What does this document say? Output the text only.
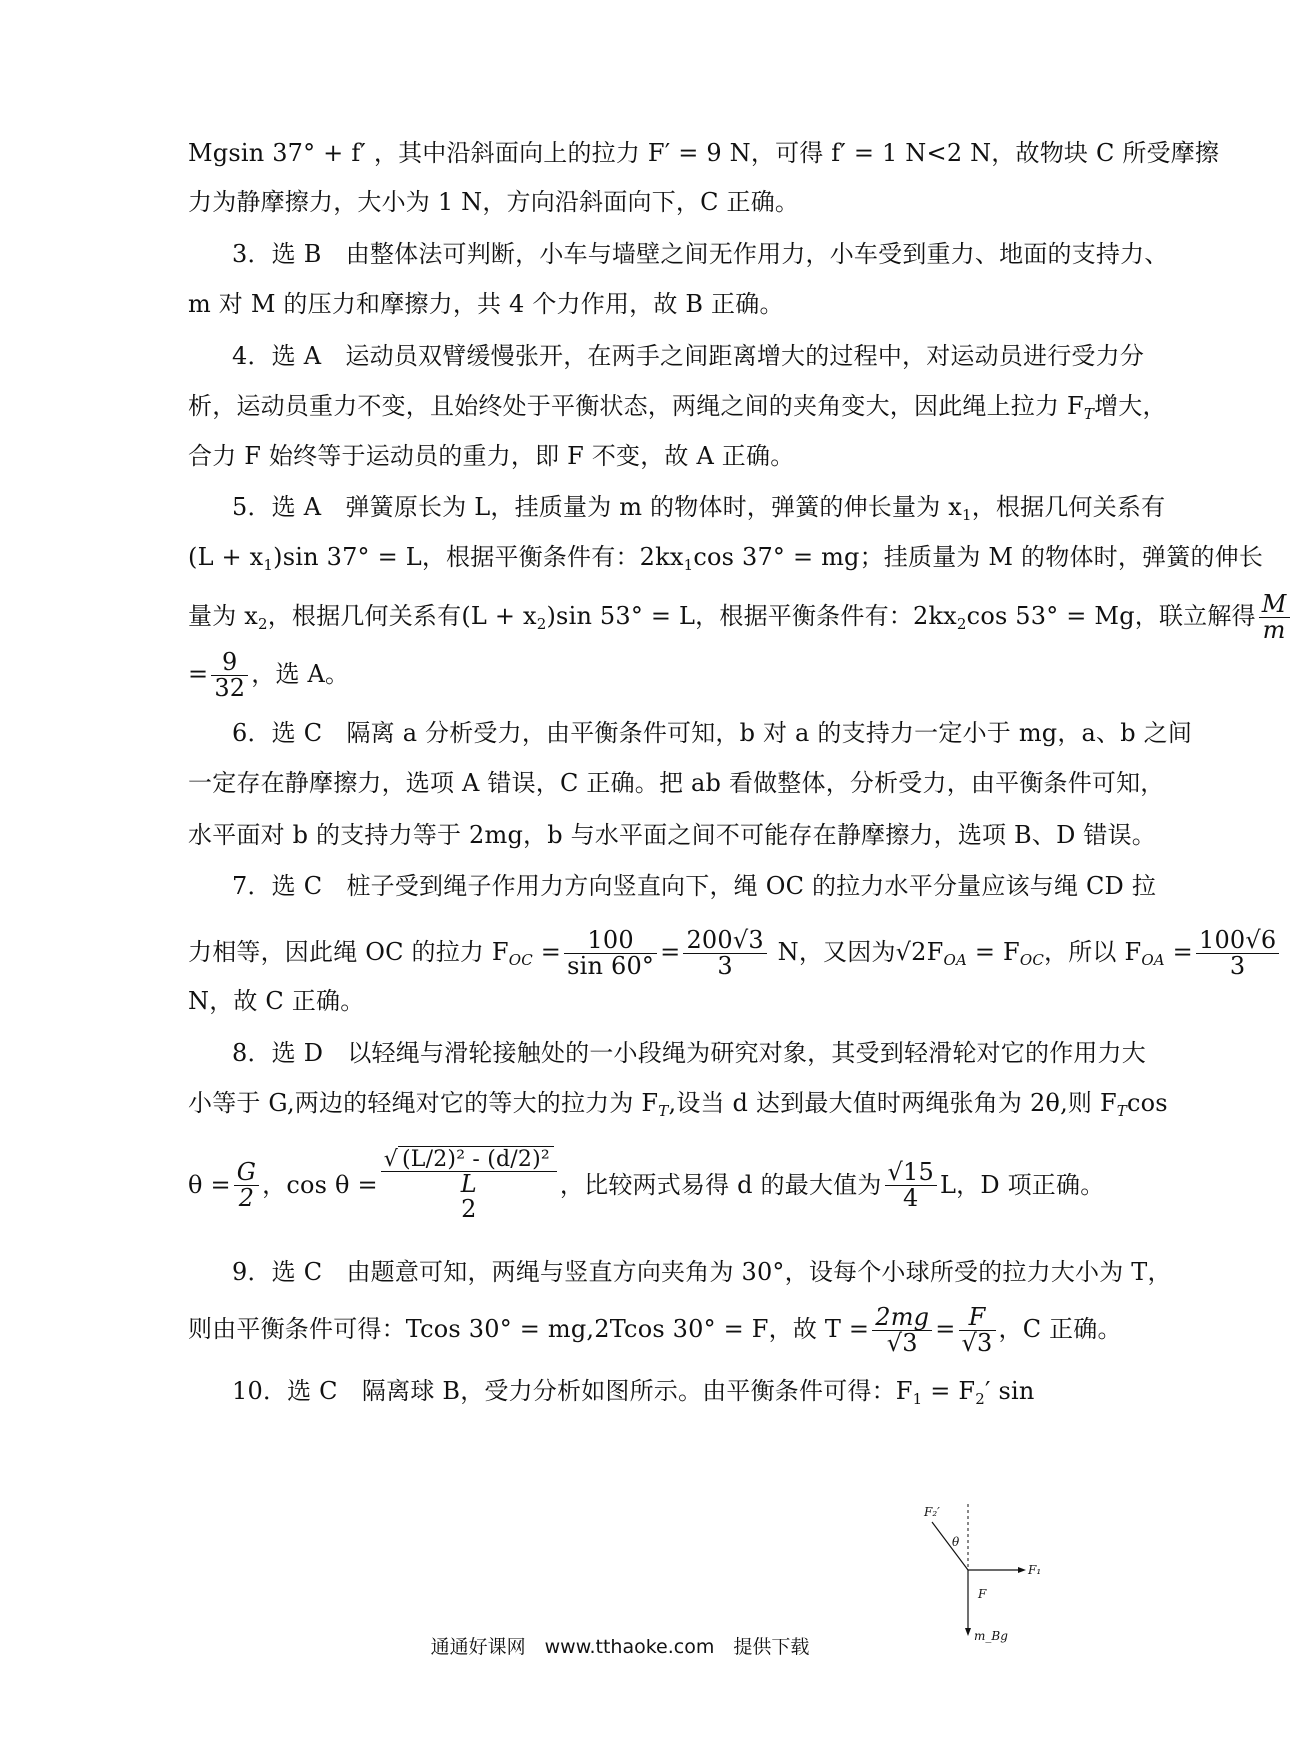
Mgsin 37° + f′ ，其中沿斜面向上的拉力 F′ = 9 N，可得 f′ = 1 N<2 N，故物块 C 所受摩擦
力为静摩擦力，大小为 1 N，方向沿斜面向下，C 正确。
3．选 B　由整体法可判断，小车与墙壁之间无作用力，小车受到重力、地面的支持力、
m 对 M 的压力和摩擦力，共 4 个力作用，故 B 正确。
4．选 A　运动员双臂缓慢张开，在两手之间距离增大的过程中，对运动员进行受力分
析，运动员重力不变，且始终处于平衡状态，两绳之间的夹角变大，因此绳上拉力 $F_T$增大，
合力 F 始终等于运动员的重力，即 F 不变，故 A 正确。
5．选 A　弹簧原长为 L，挂质量为 m 的物体时，弹簧的伸长量为 $x_1$，根据几何关系有
$(L + x_1)\sin$ 37° = L，根据平衡条件有：$2kx_1\cos$ 37° = mg；挂质量为 M 的物体时，弹簧的伸长
量为 $x_2$，根据几何关系有$(L + x_2)\sin$ 53° = L，根据平衡条件有：$2kx_2\cos$ 53° = Mg，联立解得 $\frac{M}{m}$
= $\frac{9}{32}$ ，选 A。
6．选 C　隔离 a 分析受力，由平衡条件可知，b 对 a 的支持力一定小于 mg，a、b 之间
一定存在静摩擦力，选项 A 错误，C 正确。把 ab 看做整体，分析受力，由平衡条件可知，
水平面对 b 的支持力等于 2mg，b 与水平面之间不可能存在静摩擦力，选项 B、D 错误。
7．选 C　桩子受到绳子作用力方向竖直向下，绳 OC 的拉力水平分量应该与绳 CD 拉
力相等，因此绳 OC 的拉力 $F_{OC} = \frac{100}{\sin 60^\circ} = \frac{200√3}{3}$ N，又因为$√2F_{OA} = F_{OC}$，所以 $F_{OA} = \frac{100√6}{3}$
N，故 C 正确。
8．选 D　以轻绳与滑轮接触处的一小段绳为研究对象，其受到轻滑轮对它的作用力大
小等于 G,两边的轻绳对它的等大的拉力为 $F_T$,设当 d 达到最大值时两绳张角为 2θ,则 $F_T\cos$
$\theta = \frac{G}{2}$ ，cos θ =
√ (L/2)² - (d/2)²
L
2
，比较两式易得 d 的最大值为 $\frac{√15}{4}$ L，D 项正确。
9．选 C　由题意可知，两绳与竖直方向夹角为 30°，设每个小球所受的拉力大小为 T，
则由平衡条件可得：Tcos 30° = mg,2Tcos 30° = F，故 $T = \frac{2mg}{√3} = \frac{F}{√3}$ ，C 正确。
10．选 C　隔离球 B，受力分析如图所示。由平衡条件可得：$F_1 = F_2'$ sin
F₂′
θ
F₁
F
m_Bg
通通好课网　www.tthaoke.com　提供下载
